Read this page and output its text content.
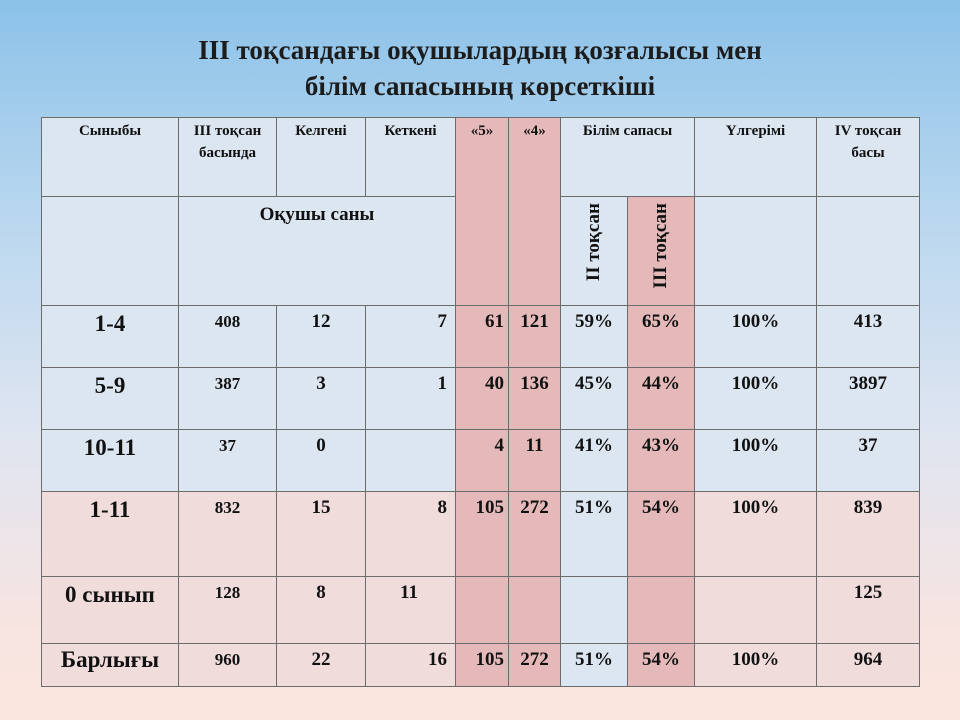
III тоқсандағы оқушылардың қозғалысы мен
білім сапасының көрсеткіші
Сыныбы	III тоқсан басында	Келгені	Кеткені	«5»	«4»	Білім сапасы		Үлгерімі	IV тоқсан басы
	Оқушы саны					II тоқсан	III тоқсан		
1-4	408	12	7	61	121	59%	65%	100%	413
5-9	387	3	1	40	136	45%	44%	100%	3897
10-11	37	0		4	11	41%	43%	100%	37
1-11	832	15	8	105	272	51%	54%	100%	839
0 сынып	128	8	11						125
Барлығы	960	22	16	105	272	51%	54%	100%	964
